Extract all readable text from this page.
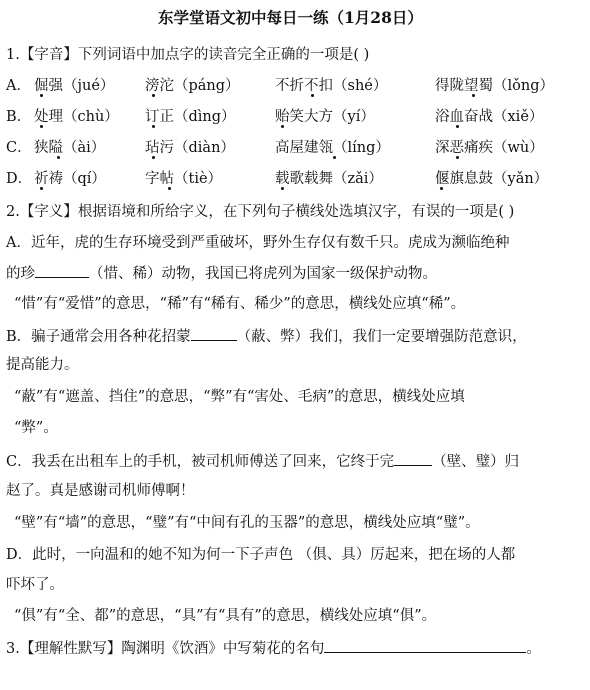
东学堂语文初中每日一练（1月28日）
1.【字音】下列词语中加点字的读音完全正确的一项是( )
A． 倔强（jué） 滂沱（páng） 不折不扣（shé）	得陇望蜀（lǒng）
B． 处理（chù） 订正（dìng）	贻笑大方（yí）	浴血奋战（xiě）
C． 狭隘（ài）	玷污（diàn）	高屋建瓴（líng）	深恶痛疾（wù）
D． 祈祷（qí）	字帖（tiè）	载歌载舞（zǎi）	偃旗息鼓（yǎn）
2.【字义】根据语境和所给字义，在下列句子横线处选填汉字，有误的一项是( )
A．近年，虎的生存环境受到严重破坏，野外生存仅有数千只。虎成为濒临绝种
的珍	（惜、稀）动物，我国已将虎列为国家一级保护动物。
“惜”有“爱惜”的意思，“稀”有“稀有、稀少”的意思，横线处应填“稀”。
B．骗子通常会用各种花招蒙	（蔽、弊）我们，我们一定要增强防范意识，
提高能力。
“蔽”有“遮盖、挡住”的意思，“弊”有“害处、毛病”的意思，横线处应填
“弊”。
C．我丢在出租车上的手机，被司机师傅送了回来，它终于完	（壁、璧）归
赵了。真是感谢司机师傅啊！
“壁”有“墙”的意思，“璧”有“中间有孔的玉器”的意思，横线处应填“璧”。
D．此时，一向温和的她不知为何一下子声色 （俱、具）厉起来，把在场的人都
吓坏了。
“俱”有“全、都”的意思，“具”有“具有”的意思，横线处应填“俱”。
3.【理解性默写】陶渊明《饮酒》中写菊花的名句	。
